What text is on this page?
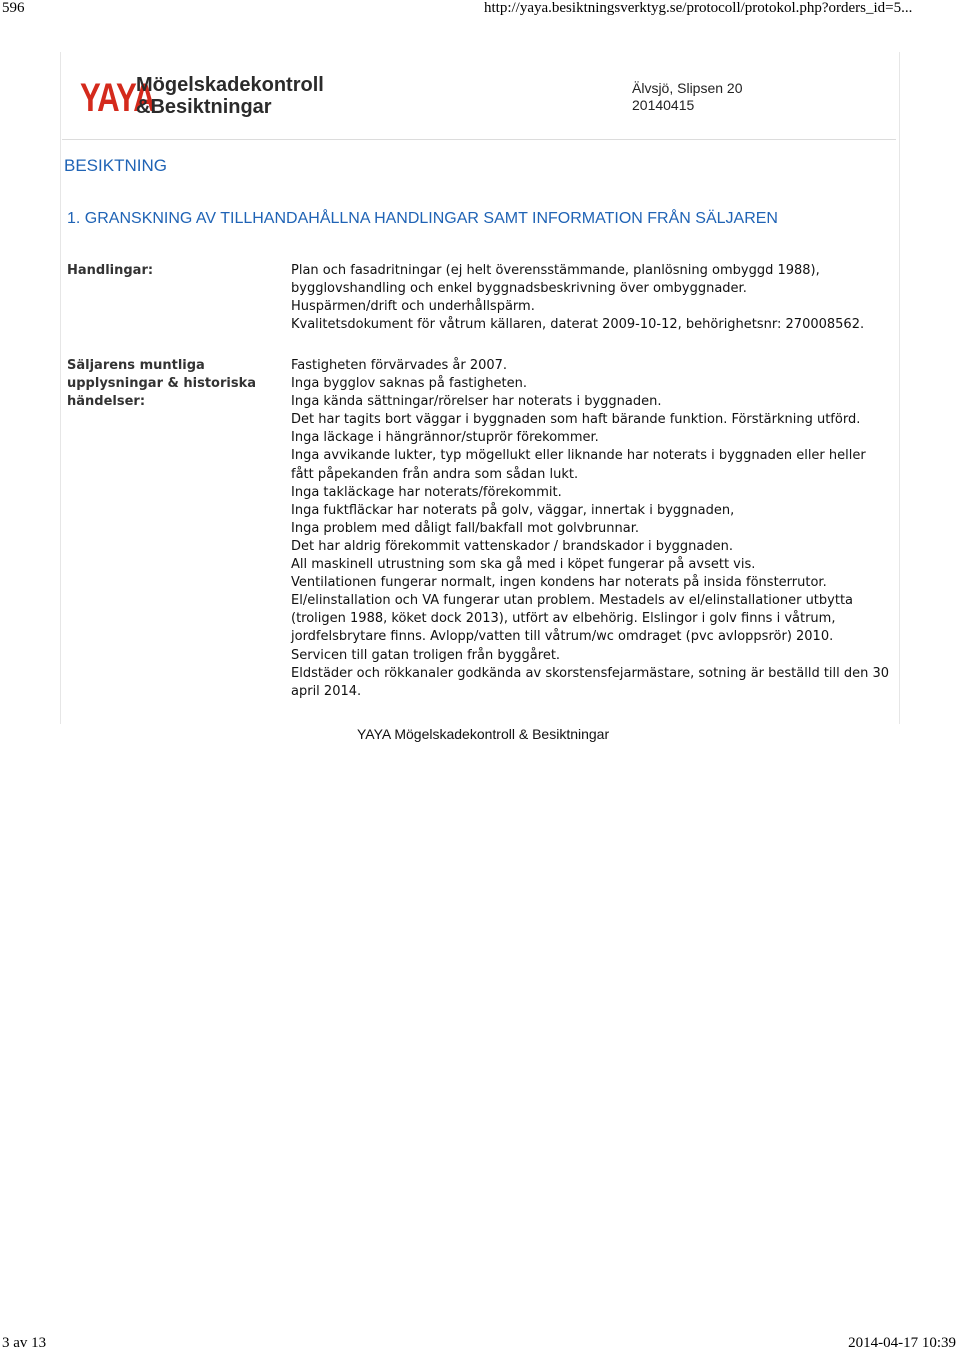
596	http://yaya.besiktningsverktyg.se/protocoll/protokol.php?orders_id=5...
YAYA
Mögelskadekontroll
&Besiktningar
Älvsjö, Slipsen 20
20140415
BESIKTNING
1. GRANSKNING AV TILLHANDAHÅLLNA HANDLINGAR SAMT INFORMATION FRÅN SÄLJAREN
Handlingar:	Plan och fasadritningar (ej helt överensstämmande, planlösning ombyggd 1988), bygglovshandling och enkel byggnadsbeskrivning över ombyggnader.

Huspärmen/drift och underhållspärm.

Kvalitetsdokument för våtrum källaren, daterat 2009-10-12, behörighetsnr: 270008562.

Säljarens muntliga upplysningar & historiska händelser:

Fastigheten förvärvades år 2007.

Inga bygglov saknas på fastigheten.

Inga kända sättningar/rörelser har noterats i byggnaden.

Det har tagits bort väggar i byggnaden som haft bärande funktion. Förstärkning utförd.

Inga läckage i hängrännor/stuprör förekommer.

Inga avvikande lukter, typ mögellukt eller liknande har noterats i byggnaden eller heller fått påpekanden från andra som sådan lukt.

Inga takläckage har noterats/förekommit.

Inga fuktfläckar har noterats på golv, väggar, innertak i byggnaden,

Inga problem med dåligt fall/bakfall mot golvbrunnar.

Det har aldrig förekommit vattenskador / brandskador i byggnaden.

All maskinell utrustning som ska gå med i köpet fungerar på avsett vis.

Ventilationen fungerar normalt, ingen kondens har noterats på insida fönsterrutor.

El/elinstallation och VA fungerar utan problem. Mestadels av el/elinstallationer utbytta (troligen 1988, köket dock 2013), utfört av elbehörig. Elslingor i golv finns i våtrum, jordfelsbrytare finns. Avlopp/vatten till våtrum/wc omdraget (pvc avloppsrör) 2010. Servicen till gatan troligen från byggåret.

Eldstäder och rökkanaler godkända av skorstensfejarmästare, sotning är beställd till den 30 april 2014.

YAYA Mögelskadekontroll & Besiktningar
3 av 13	2014-04-17 10:39
